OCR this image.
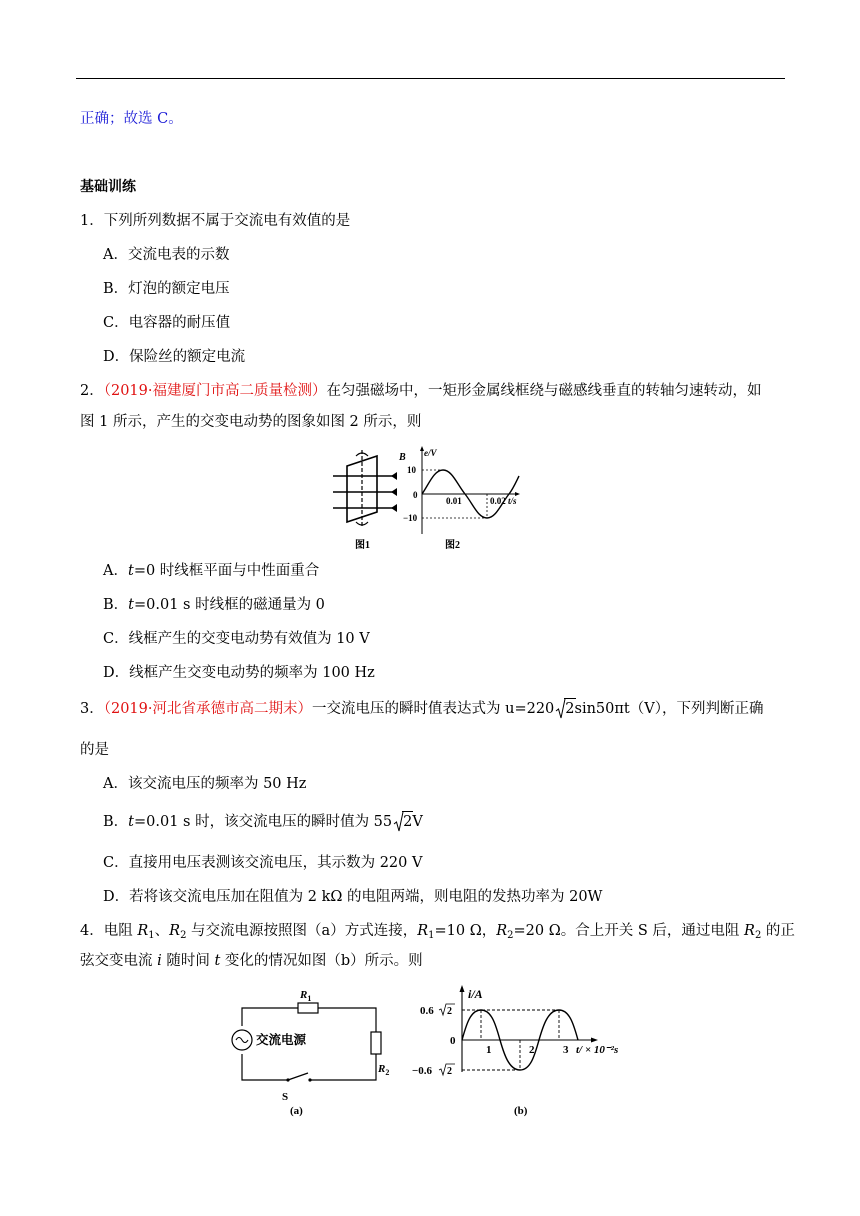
正确；故选 C。
基础训练
1．下列所列数据不属于交流电有效值的是
A．交流电表的示数
B．灯泡的额定电压
C．电容器的耐压值
D．保险丝的额定电流
2．（2019·福建厦门市高二质量检测）在匀强磁场中，一矩形金属线框绕与磁感线垂直的转轴匀速转动，如
图 1 所示，产生的交变电动势的图象如图 2 所示，则
B
图1
e/V
10
0
−10
0.01	0.02 t/s
图2
A．t=0 时线框平面与中性面重合
B．t=0.01 s 时线框的磁通量为 0
C．线框产生的交变电动势有效值为 10 V
D．线框产生交变电动势的频率为 100 Hz
3．（2019·河北省承德市高二期末）一交流电压的瞬时值表达式为 u=220 2sin50πt（V），下列判断正确
的是
A．该交流电压的频率为 50 Hz
B．t=0.01 s 时，该交流电压的瞬时值为 55 2V
C．直接用电压表测该交流电压，其示数为 220 V
D．若将该交流电压加在阻值为 2 kΩ 的电阻两端，则电阻的发热功率为 20W
4．电阻 $R_1$、$R_2$ 与交流电源按照图（a）方式连接，$R_1=10$ Ω，$R_2=20$ Ω。合上开关 S 后，通过电阻 $R_2$ 的正
弦交变电流 i 随时间 t 变化的情况如图（b）所示。则
$R_1$
$R_2$
交流电源
S
(a)
i/A
0.6 2
0
−0.6 2
1	2	3 t/ × 10⁻²s
(b)
